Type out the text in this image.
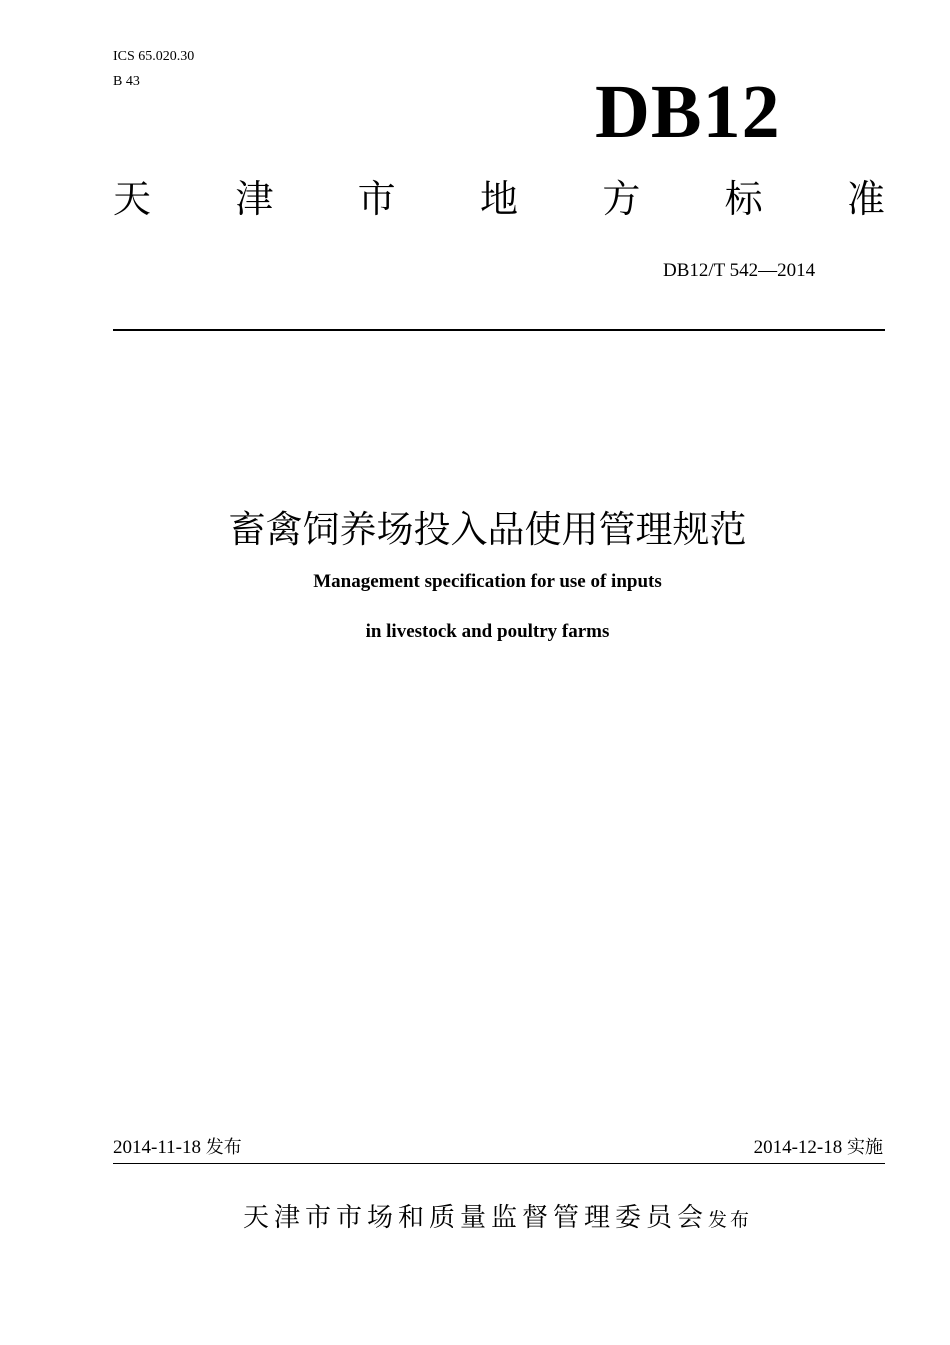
ICS 65.020.30
B 43	DB12
天 津 市 地 方 标 准
DB12/T 542—2014
畜禽饲养场投入品使用管理规范
Management specification for use of inputs
in livestock and poultry farms
2014-11-18 发布	2014-12-18 实施
天津市市场和质量监督管理委员会发布
